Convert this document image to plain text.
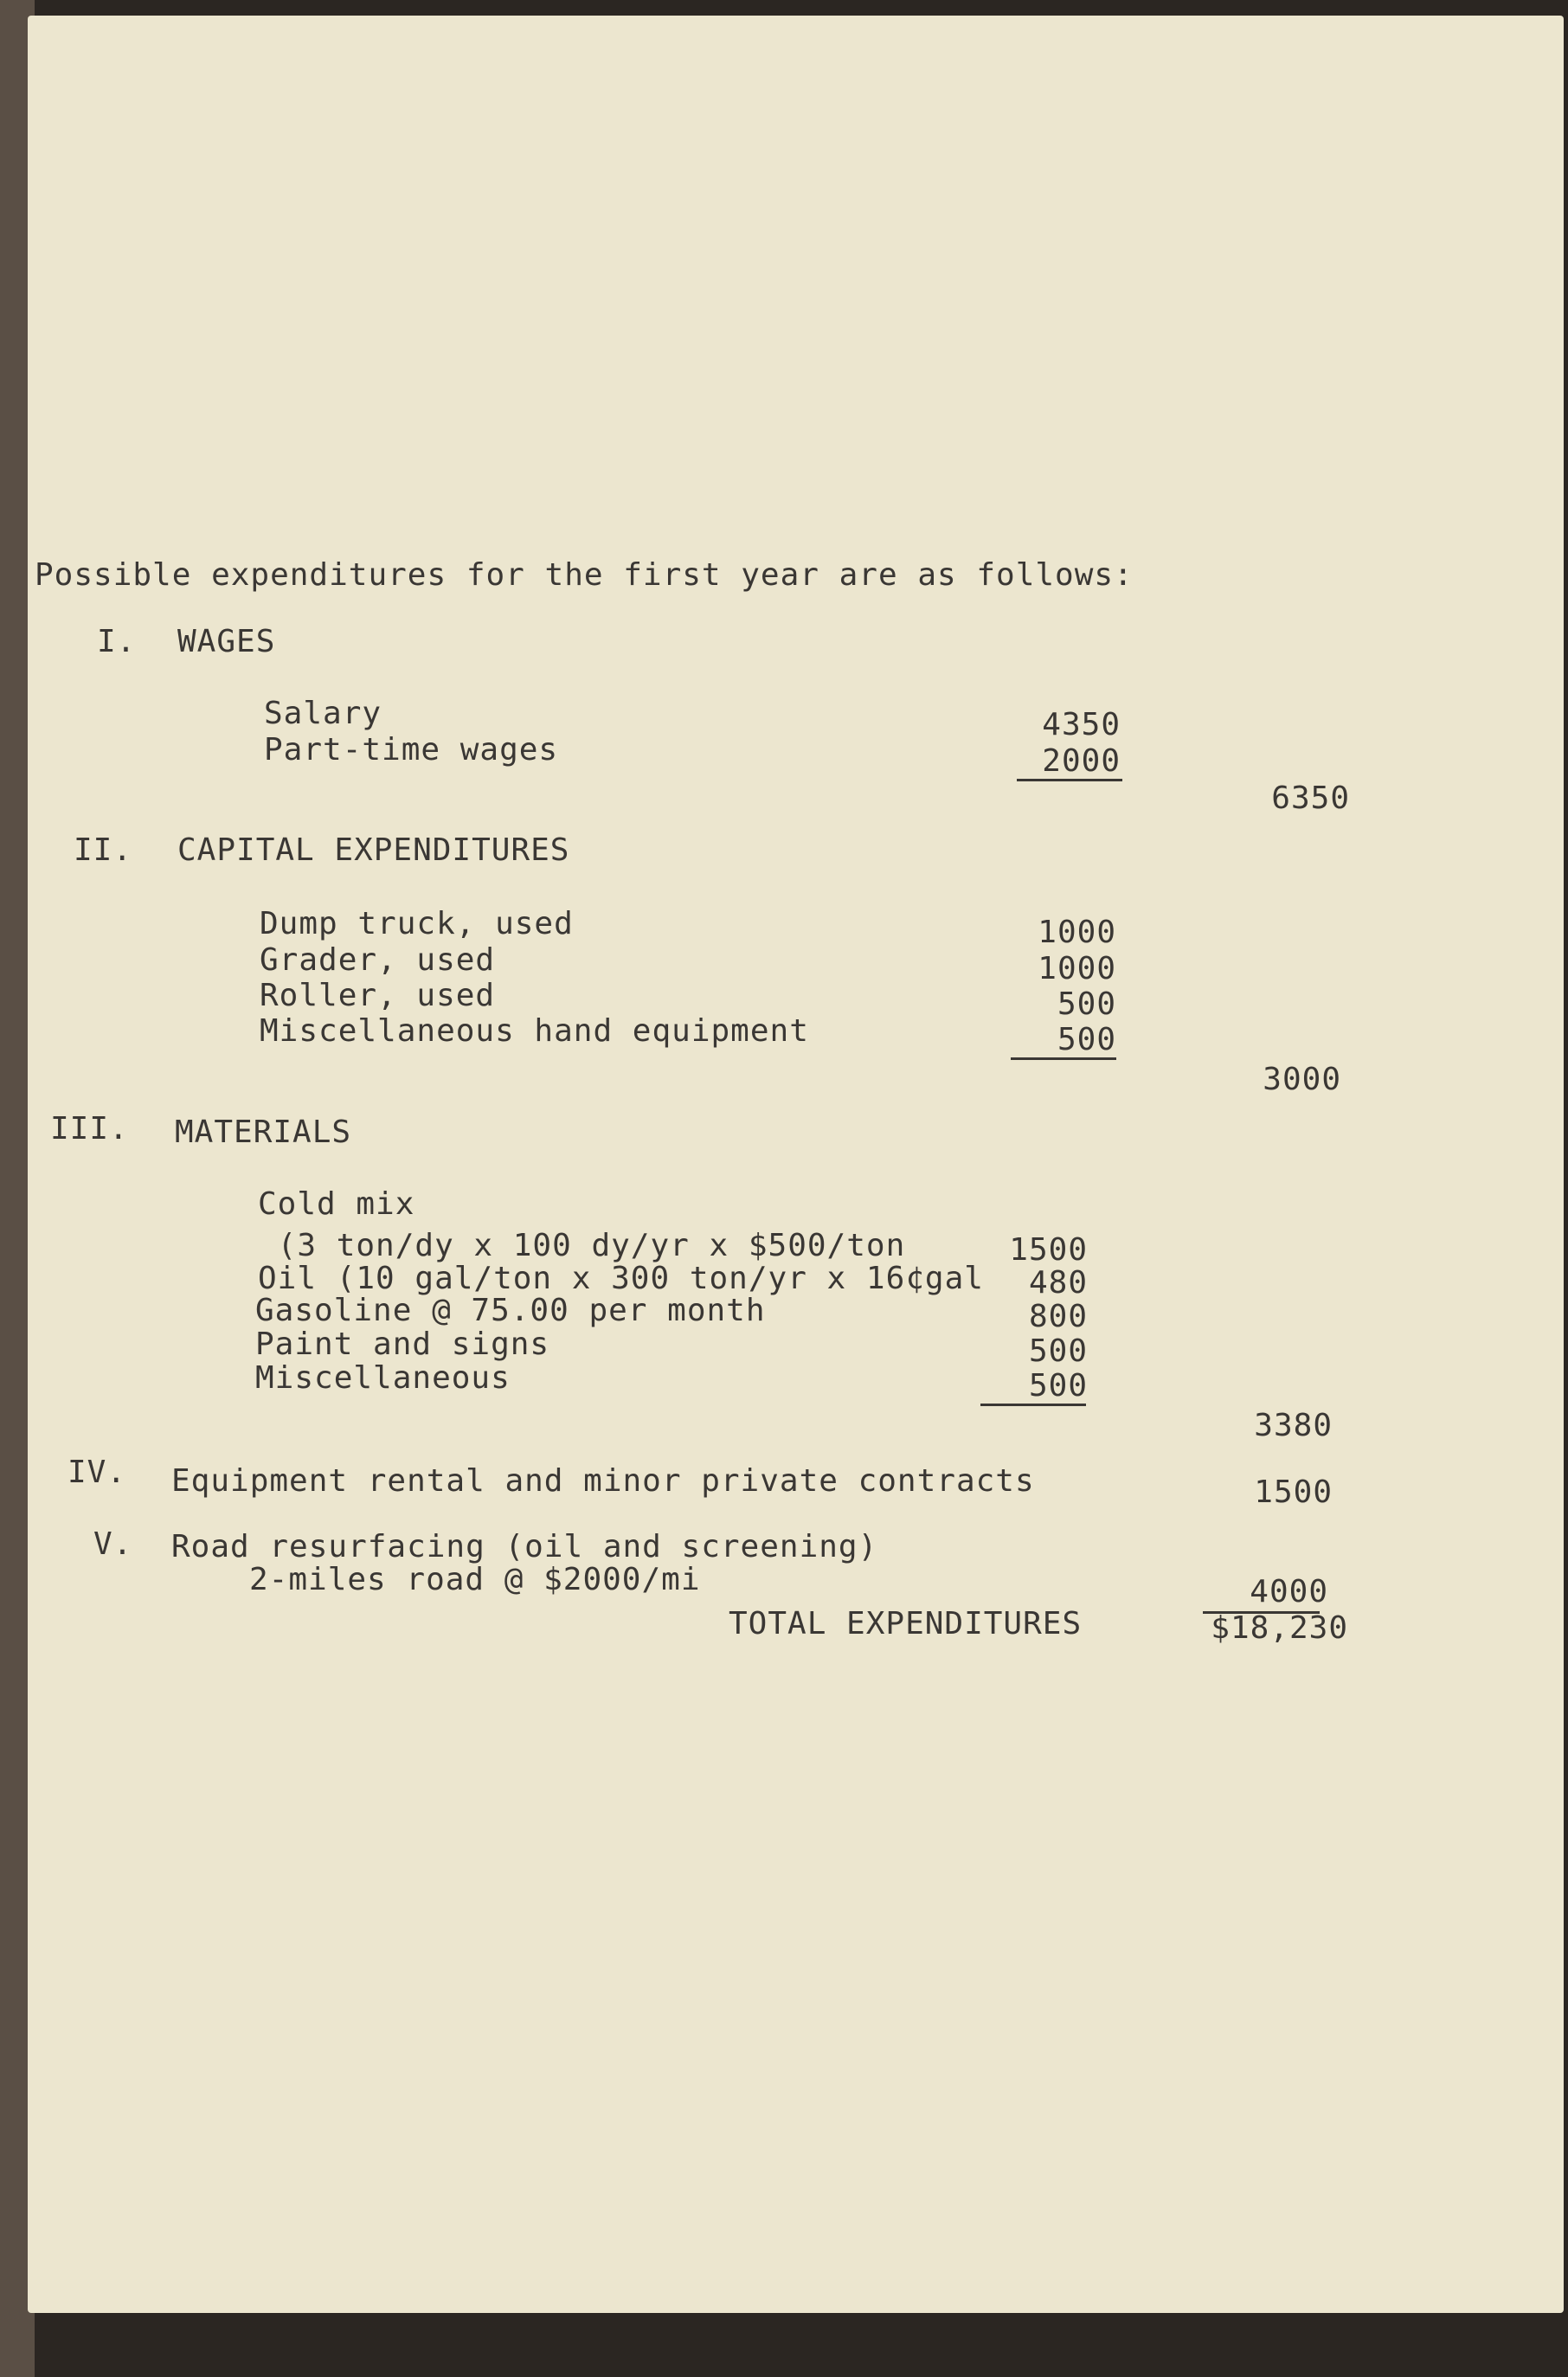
Possible expenditures for the first year are as follows:
I. WAGES
Salary	4350
Part-time wages	2000
6350
II. CAPITAL EXPENDITURES
Dump truck, used	1000
Grader, used	1000
Roller, used	500
Miscellaneous hand equipment	500
3000
III. MATERIALS
Cold mix
(3 ton/dy x 100 dy/yr x $500/ton	1500
Oil (10 gal/ton x 300 ton/yr x 16¢gal	480
Gasoline @ 75.00 per month	800
Paint and signs	500
Miscellaneous	500
3380
IV. Equipment rental and minor private contracts	1500
V. Road resurfacing (oil and screening)
2-miles road @ $2000/mi	4000
TOTAL EXPENDITURES	$18,230
